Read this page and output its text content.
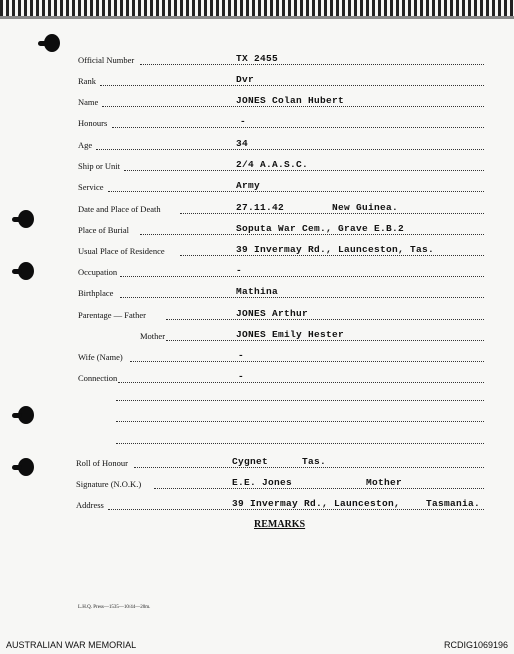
Official Number	TX 2455
Rank	Dvr
Name	JONES Colan Hubert
Honours	-
Age	34
Ship or Unit	2/4 A.A.S.C.
Service	Army
Date and Place of Death	27.11.42	New Guinea.
Place of Burial	Soputa War Cem., Grave E.B.2
Usual Place of Residence	39 Invermay Rd., Launceston, Tas.
Occupation	-
Birthplace	Mathina
Parentage — Father	JONES Arthur
Mother	JONES Emily Hester
Wife (Name)	-
Connection	-
Roll of Honour	Cygnet	Tas.
Signature (N.O.K.)	E.E. Jones	Mother
Address	39 Invermay Rd., Launceston,	Tasmania.
REMARKS
L.H.Q. Press—1535—10/44—20m.
AUSTRALIAN WAR MEMORIAL	RCDIG1069196
